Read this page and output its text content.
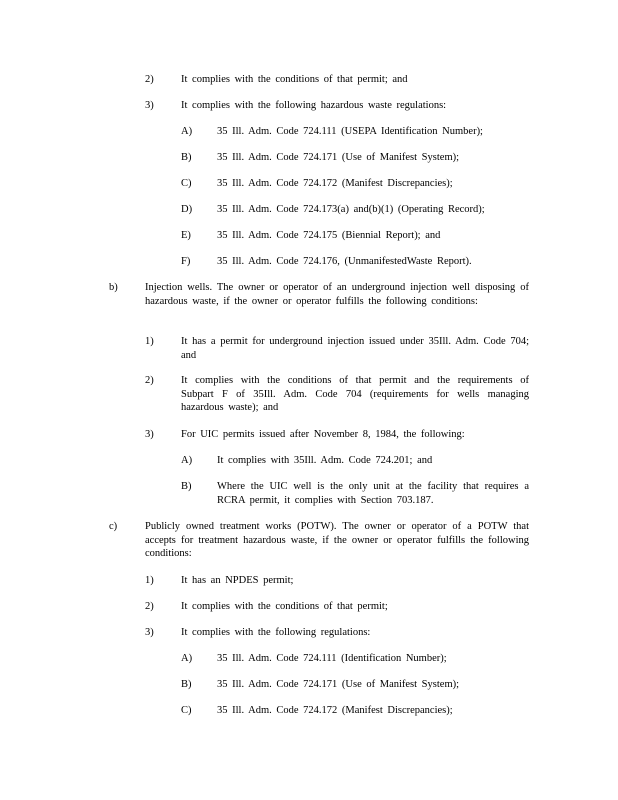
2)	It complies with the conditions of that permit; and
3)	It complies with the following hazardous waste regulations:
A)	35 Ill. Adm. Code 724.111 (USEPA Identification Number);
B)	35 Ill. Adm. Code 724.171 (Use of Manifest System);
C)	35 Ill. Adm. Code 724.172 (Manifest Discrepancies);
D)	35 Ill. Adm. Code 724.173(a) and(b)(1) (Operating Record);
E)	35 Ill. Adm. Code 724.175 (Biennial Report); and
F)	35 Ill. Adm. Code 724.176, (UnmanifestedWaste Report).
b)	Injection wells. The owner or operator of an underground injection well disposing of hazardous waste, if the owner or operator fulfills the following conditions:
1)	It has a permit for underground injection issued under 35Ill. Adm. Code 704; and
2)	It complies with the conditions of that permit and the requirements of Subpart F of 35Ill. Adm. Code 704 (requirements for wells managing hazardous waste); and
3)	For UIC permits issued after November 8, 1984, the following:
A)	It complies with 35Ill. Adm. Code 724.201; and
B)	Where the UIC well is the only unit at the facility that requires a RCRA permit, it complies with Section 703.187.
c)	Publicly owned treatment works (POTW). The owner or operator of a POTW that accepts for treatment hazardous waste, if the owner or operator fulfills the following conditions:
1)	It has an NPDES permit;
2)	It complies with the conditions of that permit;
3)	It complies with the following regulations:
A)	35 Ill. Adm. Code 724.111 (Identification Number);
B)	35 Ill. Adm. Code 724.171 (Use of Manifest System);
C)	35 Ill. Adm. Code 724.172 (Manifest Discrepancies);
